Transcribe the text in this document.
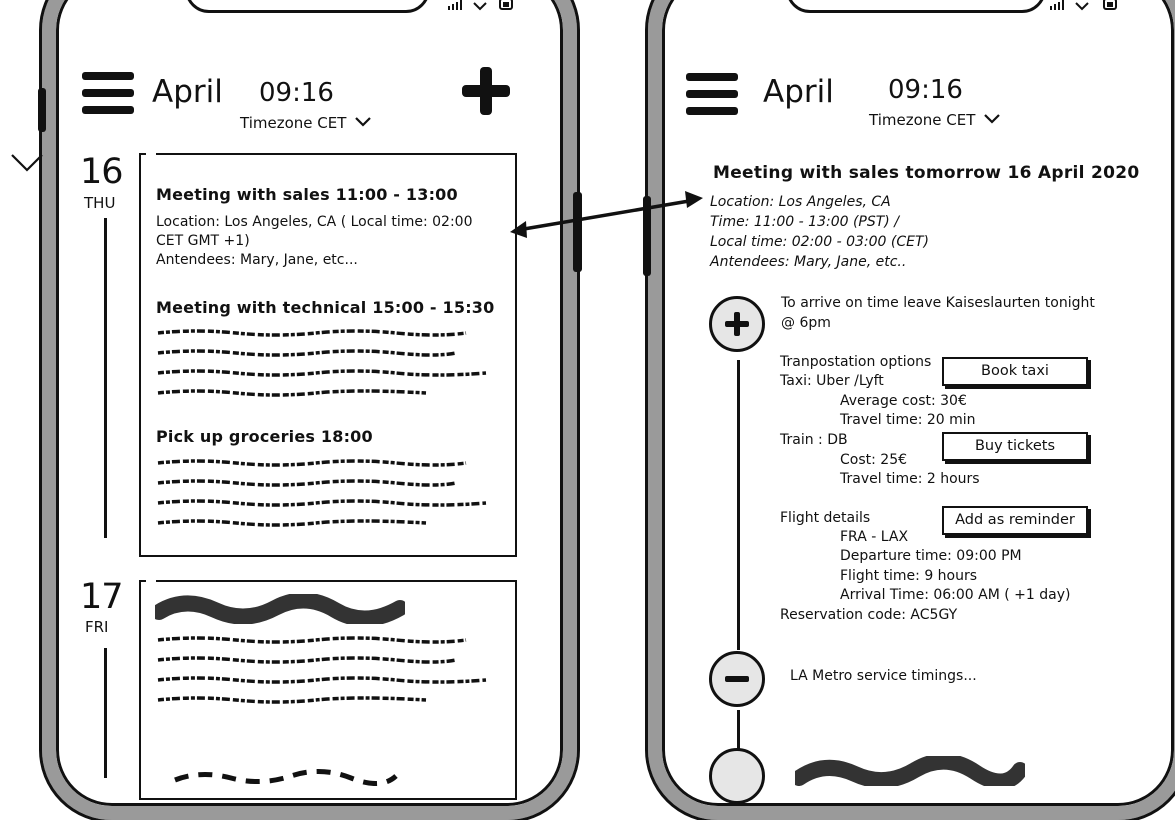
April 09:16
Timezone CET
16
THU	Meeting with sales 11:00 - 13:00
Location: Los Angeles, CA ( Local time: 02:00
CET GMT +1)
Antendees: Mary, Jane, etc...
Meeting with technical 15:00 - 15:30
Pick up groceries 18:00
17
FRI
April 09:16
Timezone CET
Meeting with sales tomorrow 16 April 2020
Location: Los Angeles, CA
Time: 11:00 - 13:00 (PST) /
Local time: 02:00 - 03:00 (CET)
Antendees: Mary, Jane, etc..
To arrive on time leave Kaiseslaurten tonight
@ 6pm
Tranpostation options
Taxi: Uber /Lyft
Average cost: 30€
Travel time: 20 min
Train : DB
Cost: 25€
Travel time: 2 hours
Book taxi
Buy tickets
Flight details
FRA - LAX
Departure time: 09:00 PM
Flight time: 9 hours
Arrival Time: 06:00 AM ( +1 day)
Reservation code: AC5GY
Add as reminder
LA Metro service timings...
